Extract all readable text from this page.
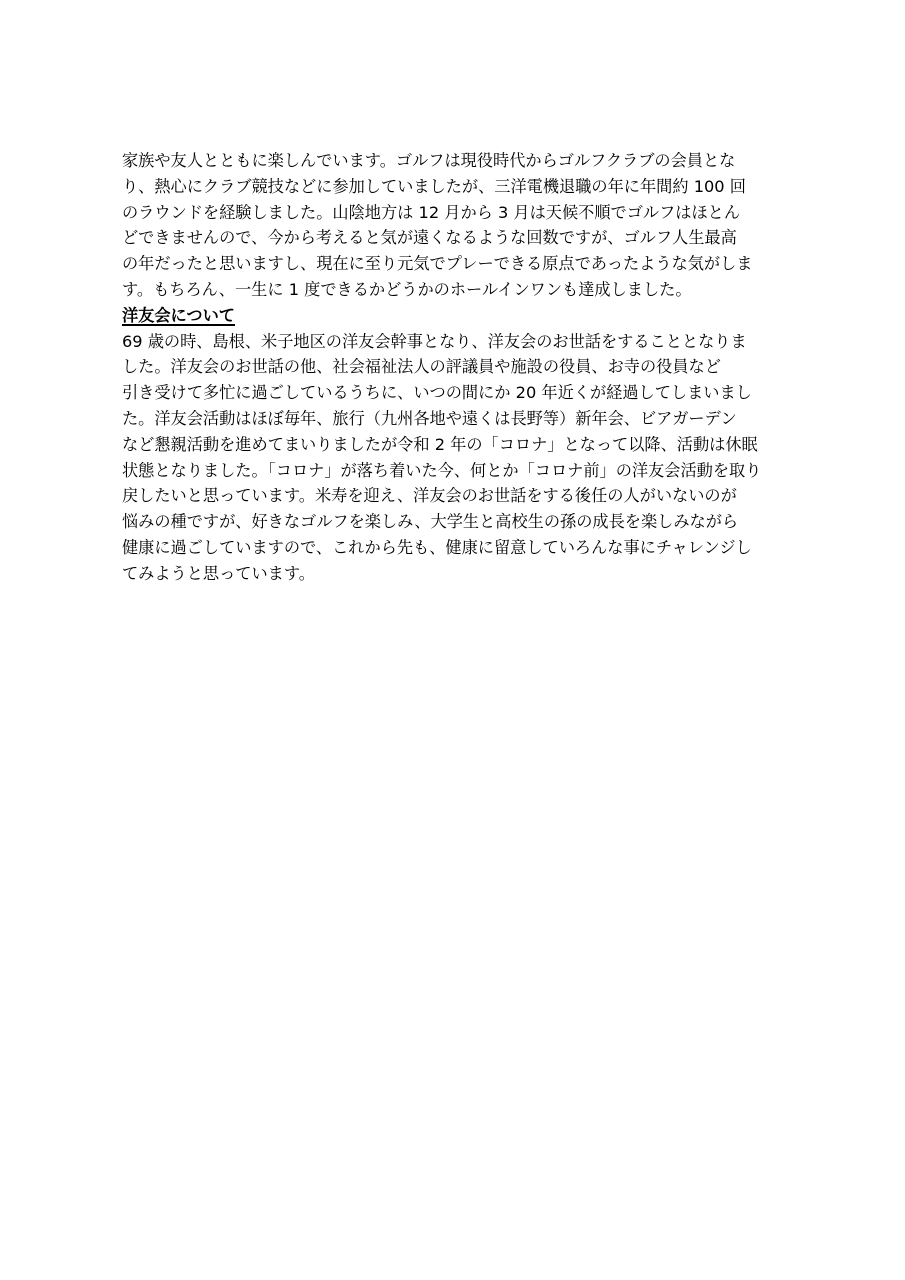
家族や友人とともに楽しんでいます。ゴルフは現役時代からゴルフクラブの会員とな
り、熱心にクラブ競技などに参加していましたが、三洋電機退職の年に年間約 100 回
のラウンドを経験しました。山陰地方は 12 月から 3 月は天候不順でゴルフはほとん
どできませんので、今から考えると気が遠くなるような回数ですが、ゴルフ人生最高
の年だったと思いますし、現在に至り元気でプレーできる原点であったような気がしま
す。もちろん、一生に 1 度できるかどうかのホールインワンも達成しました。
洋友会について
69 歳の時、島根、米子地区の洋友会幹事となり、洋友会のお世話をすることとなりま
した。洋友会のお世話の他、社会福祉法人の評議員や施設の役員、お寺の役員など
引き受けて多忙に過ごしているうちに、いつの間にか 20 年近くが経過してしまいまし
た。洋友会活動はほぼ毎年、旅行（九州各地や遠くは長野等）新年会、ビアガーデン
など懇親活動を進めてまいりましたが令和 2 年の「コロナ」となって以降、活動は休眠
状態となりました。「コロナ」が落ち着いた今、何とか「コロナ前」の洋友会活動を取り
戻したいと思っています。米寿を迎え、洋友会のお世話をする後任の人がいないのが
悩みの種ですが、好きなゴルフを楽しみ、大学生と高校生の孫の成長を楽しみながら
健康に過ごしていますので、これから先も、健康に留意していろんな事にチャレンジし
てみようと思っています。
